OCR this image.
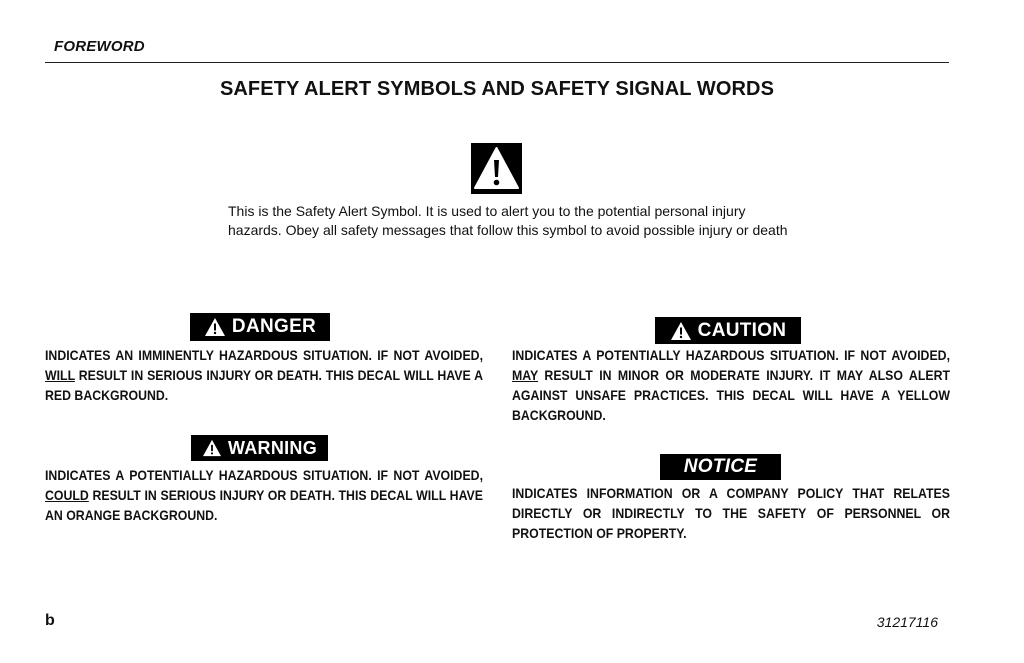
FOREWORD
SAFETY ALERT SYMBOLS AND SAFETY SIGNAL WORDS
This is the Safety Alert Symbol. It is used to alert you to the potential personal injury hazards. Obey all safety messages that follow this symbol to avoid possible injury or death
DANGER
INDICATES AN IMMINENTLY HAZARDOUS SITUATION. IF NOT AVOIDED, WILL RESULT IN SERIOUS INJURY OR DEATH. THIS DECAL WILL HAVE A RED BACKGROUND.
WARNING
INDICATES A POTENTIALLY HAZARDOUS SITUATION. IF NOT AVOIDED, COULD RESULT IN SERIOUS INJURY OR DEATH. THIS DECAL WILL HAVE AN ORANGE BACKGROUND.
CAUTION
INDICATES A POTENTIALLY HAZARDOUS SITUATION. IF NOT AVOIDED, MAY RESULT IN MINOR OR MODERATE INJURY. IT MAY ALSO ALERT AGAINST UNSAFE PRACTICES. THIS DECAL WILL HAVE A YELLOW BACKGROUND.
NOTICE
INDICATES INFORMATION OR A COMPANY POLICY THAT RELATES DIRECTLY OR INDIRECTLY TO THE SAFETY OF PERSONNEL OR PROTECTION OF PROPERTY.
b	31217116
